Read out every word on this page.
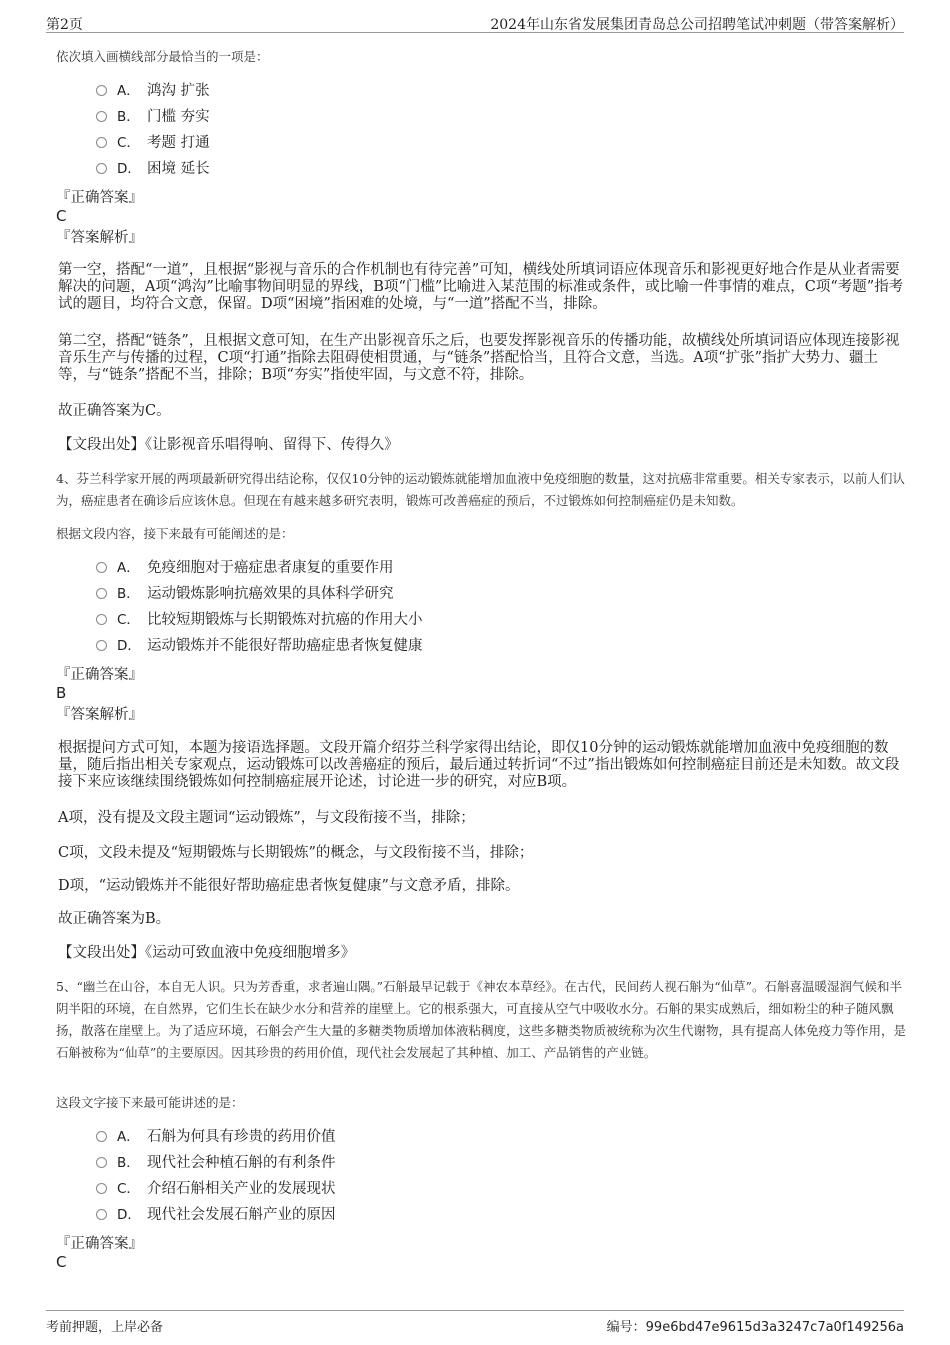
第2页	2024年山东省发展集团青岛总公司招聘笔试冲刺题（带答案解析）
依次填入画横线部分最恰当的一项是：
A． 鸿沟 扩张
B． 门槛 夯实
C． 考题 打通
D． 困境 延长
『正确答案』
C
『答案解析』
第一空，搭配“一道”，且根据“影视与音乐的合作机制也有待完善”可知，横线处所填词语应体现音乐和影视更好地合作是从业者需要解决的问题，A项“鸿沟”比喻事物间明显的界线，B项“门槛”比喻进入某范围的标准或条件，或比喻一件事情的难点，C项“考题”指考试的题目，均符合文意，保留。D项“困境”指困难的处境，与“一道”搭配不当，排除。
第二空，搭配“链条”，且根据文意可知，在生产出影视音乐之后，也要发挥影视音乐的传播功能，故横线处所填词语应体现连接影视音乐生产与传播的过程，C项“打通”指除去阻碍使相贯通，与“链条”搭配恰当，且符合文意，当选。A项“扩张”指扩大势力、疆土等，与“链条”搭配不当，排除；B项“夯实”指使牢固，与文意不符，排除。
故正确答案为C。
【文段出处】《让影视音乐唱得响、留得下、传得久》
4、芬兰科学家开展的两项最新研究得出结论称，仅仅10分钟的运动锻炼就能增加血液中免疫细胞的数量，这对抗癌非常重要。相关专家表示，以前人们认为，癌症患者在确诊后应该休息。但现在有越来越多研究表明，锻炼可改善癌症的预后，不过锻炼如何控制癌症仍是未知数。
根据文段内容，接下来最有可能阐述的是：
A． 免疫细胞对于癌症患者康复的重要作用
B． 运动锻炼影响抗癌效果的具体科学研究
C． 比较短期锻炼与长期锻炼对抗癌的作用大小
D． 运动锻炼并不能很好帮助癌症患者恢复健康
『正确答案』
B
『答案解析』
根据提问方式可知，本题为接语选择题。文段开篇介绍芬兰科学家得出结论，即仅10分钟的运动锻炼就能增加血液中免疫细胞的数量，随后指出相关专家观点，运动锻炼可以改善癌症的预后，最后通过转折词“不过”指出锻炼如何控制癌症目前还是未知数。故文段接下来应该继续围绕锻炼如何控制癌症展开论述，讨论进一步的研究，对应B项。
A项，没有提及文段主题词“运动锻炼”，与文段衔接不当，排除；
C项，文段未提及“短期锻炼与长期锻炼”的概念，与文段衔接不当，排除；
D项，“运动锻炼并不能很好帮助癌症患者恢复健康”与文意矛盾，排除。
故正确答案为B。
【文段出处】《运动可致血液中免疫细胞增多》
5、“幽兰在山谷，本自无人识。只为芳香重，求者遍山隅。”石斛最早记载于《神农本草经》。在古代，民间药人视石斛为“仙草”。石斛喜温暖湿润气候和半阴半阳的环境，在自然界，它们生长在缺少水分和营养的崖壁上。它的根系强大，可直接从空气中吸收水分。石斛的果实成熟后，细如粉尘的种子随风飘扬，散落在崖壁上。为了适应环境，石斛会产生大量的多糖类物质增加体液粘稠度，这些多糖类物质被统称为次生代谢物，具有提高人体免疫力等作用，是石斛被称为“仙草”的主要原因。因其珍贵的药用价值，现代社会发展起了其种植、加工、产品销售的产业链。
这段文字接下来最可能讲述的是：
A． 石斛为何具有珍贵的药用价值
B． 现代社会种植石斛的有利条件
C． 介绍石斛相关产业的发展现状
D． 现代社会发展石斛产业的原因
『正确答案』
C
考前押题，上岸必备	编号：99e6bd47e9615d3a3247c7a0f149256a
